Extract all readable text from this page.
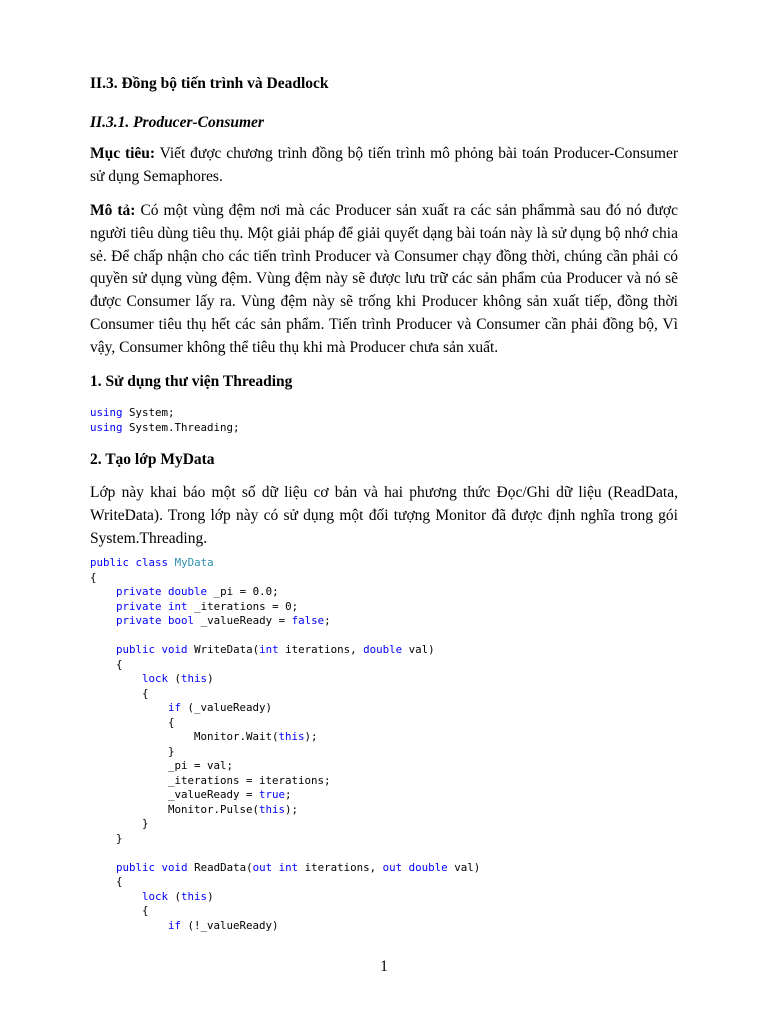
II.3. Đồng bộ tiến trình và Deadlock
II.3.1. Producer-Consumer
Mục tiêu: Viết được chương trình đồng bộ tiến trình mô phỏng bài toán Producer-Consumer sử dụng Semaphores.
Mô tả: Có một vùng đệm nơi mà các Producer sản xuất ra các sản phẩmmà sau đó nó được người tiêu dùng tiêu thụ. Một giải pháp để giải quyết dạng bài toán này là sử dụng bộ nhớ chia sẻ. Để chấp nhận cho các tiến trình Producer và Consumer chạy đồng thời, chúng cần phải có quyền sử dụng vùng đệm. Vùng đệm này sẽ được lưu trữ các sản phẩm của Producer và nó sẽ được Consumer lấy ra. Vùng đệm này sẽ trống khi Producer không sản xuất tiếp, đồng thời Consumer tiêu thụ hết các sản phẩm. Tiến trình Producer và Consumer cần phải đồng bộ, Vì vậy, Consumer không thể tiêu thụ khi mà Producer chưa sản xuất.
1. Sử dụng thư viện Threading
using System;
using System.Threading;
2. Tạo lớp MyData
Lớp này khai báo một số dữ liệu cơ bản và hai phương thức Đọc/Ghi dữ liệu (ReadData, WriteData). Trong lớp này có sử dụng một đối tượng Monitor đã được định nghĩa trong gói System.Threading.
public class MyData
{
private double _pi = 0.0;
private int _iterations = 0;
private bool _valueReady = false;
public void WriteData(int iterations, double val)
{
lock (this)
{
if (_valueReady)
{
Monitor.Wait(this);
}
_pi = val;
_iterations = iterations;
_valueReady = true;
Monitor.Pulse(this);
}
}
public void ReadData(out int iterations, out double val)
{
lock (this)
{
if (!_valueReady)
1
